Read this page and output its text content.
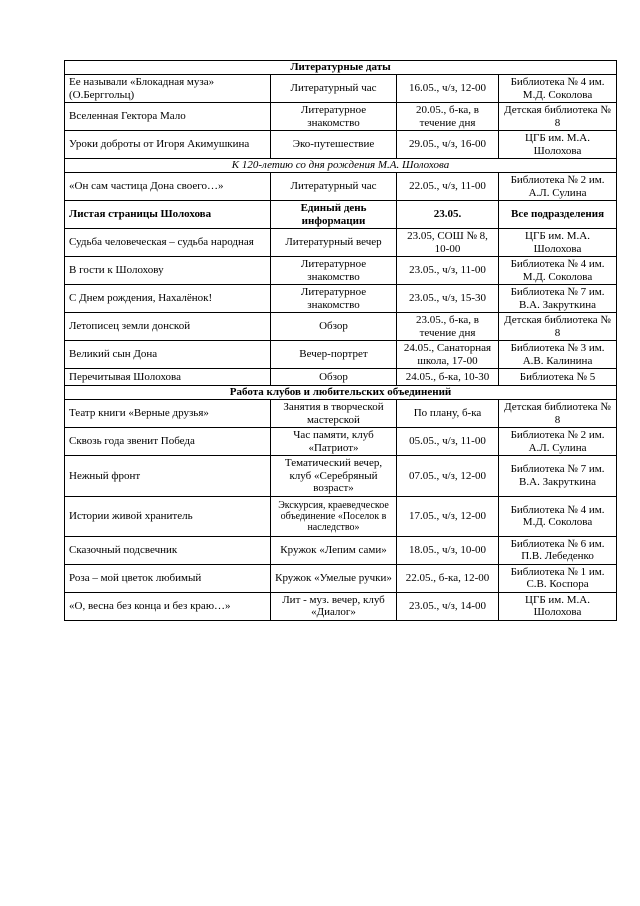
Литературные даты			
Ее называли «Блокадная муза» (О.Берггольц)	Литературный час	16.05., ч/з, 12-00	Библиотека № 4 им. М.Д. Соколова
Вселенная Гектора Мало	Литературное знакомство	20.05., б-ка, в течение дня	Детская библиотека № 8
Уроки доброты от Игоря Акимушкина	Эко-путешествие	29.05., ч/з, 16-00	ЦГБ им. М.А. Шолохова
К 120-летию со дня рождения М.А. Шолохова			
«Он сам частица Дона своего…»	Литературный час	22.05., ч/з, 11-00	Библиотека № 2 им. А.Л. Сулина
Листая страницы Шолохова	Единый день информации	23.05.	Все подразделения
Судьба человеческая – судьба народная	Литературный вечер	23.05, СОШ № 8, 10-00	ЦГБ им. М.А. Шолохова
В гости к Шолохову	Литературное знакомство	23.05., ч/з, 11-00	Библиотека № 4 им. М.Д. Соколова
С Днем рождения, Нахалёнок!	Литературное знакомство	23.05., ч/з, 15-30	Библиотека № 7 им. В.А. Закруткина
Летописец земли донской	Обзор	23.05., б-ка, в течение дня	Детская библиотека № 8
Великий сын Дона	Вечер-портрет	24.05., Санаторная школа, 17-00	Библиотека № 3 им. А.В. Калинина
Перечитывая Шолохова	Обзор	24.05., б-ка, 10-30	Библиотека № 5
Работа клубов и любительских объединений			
Театр книги «Верные друзья»	Занятия в творческой мастерской	По плану, б-ка	Детская библиотека № 8
Сквозь года звенит Победа	Час памяти, клуб «Патриот»	05.05., ч/з, 11-00	Библиотека № 2 им. А.Л. Сулина
Нежный фронт	Тематический вечер, клуб «Серебряный возраст»	07.05., ч/з, 12-00	Библиотека № 7 им. В.А. Закруткина
Истории живой хранитель	Экскурсия, краеведческое объединение «Поселок в наследство»	17.05., ч/з, 12-00	Библиотека № 4 им. М.Д. Соколова
Сказочный подсвечник	Кружок «Лепим сами»	18.05., ч/з, 10-00	Библиотека № 6 им. П.В. Лебеденко
Роза – мой цветок любимый	Кружок «Умелые ручки»	22.05., б-ка, 12-00	Библиотека № 1 им. С.В. Коспора
«О, весна без конца и без краю…»	Лит - муз. вечер, клуб «Диалог»	23.05., ч/з, 14-00	ЦГБ им. М.А. Шолохова
